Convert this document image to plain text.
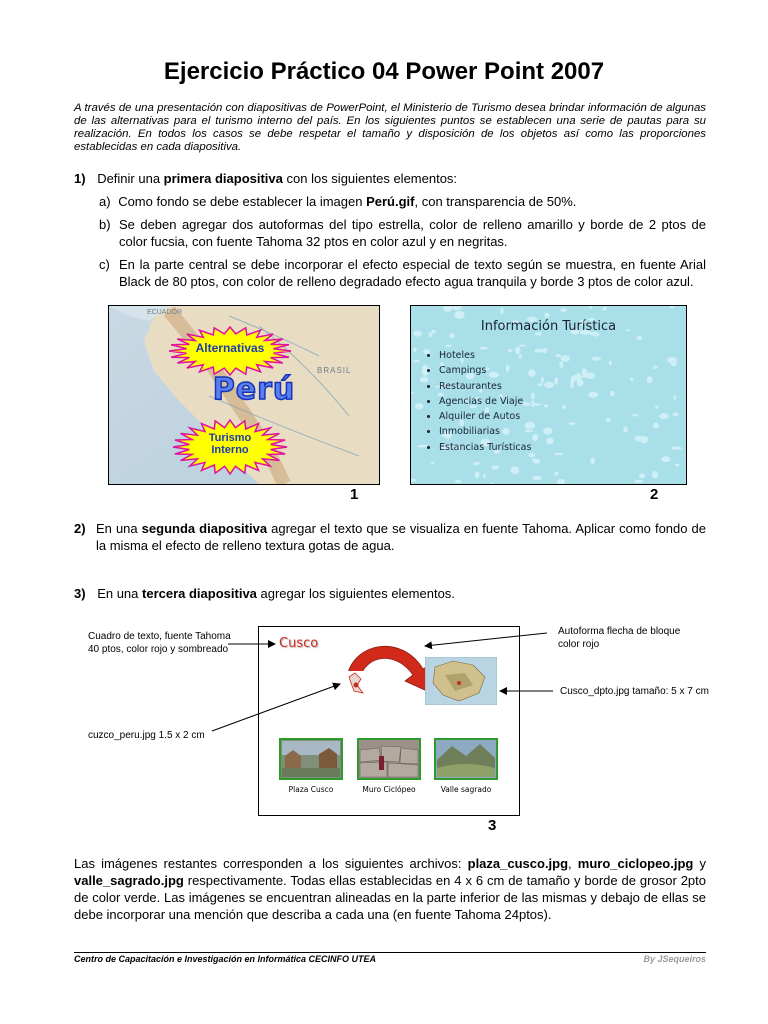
Ejercicio Práctico 04 Power Point 2007
A través de una presentación con diapositivas de PowerPoint, el Ministerio de Turismo desea brindar información de algunas de las alternativas para el turismo interno del país. En los siguientes puntos se establecen una serie de pautas para su realización. En todos los casos se debe respetar el tamaño y disposición de los objetos así como las proporciones establecidas en cada diapositiva.
1) Definir una primera diapositiva con los siguientes elementos:
a) Como fondo se debe establecer la imagen Perú.gif, con transparencia de 50%.
b) Se deben agregar dos autoformas del tipo estrella, color de relleno amarillo y borde de 2 ptos de color fucsia, con fuente Tahoma 32 ptos en color azul y en negritas.
c) En la parte central se debe incorporar el efecto especial de texto según se muestra, en fuente Arial Black de 80 ptos, con color de relleno degradado efecto agua tranquila y borde 3 ptos de color azul.
ECUADOR
BRASIL
Alternativas
Perú
Turismo
Interno
1
Información Turística
• Hoteles
• Campings
• Restaurantes
• Agencias de Viaje
• Alquiler de Autos
• Inmobiliarias
• Estancias Turísticas
2
2) En una segunda diapositiva agregar el texto que se visualiza en fuente Tahoma. Aplicar como fondo de la misma el efecto de relleno textura gotas de agua.
3) En una tercera diapositiva agregar los siguientes elementos.
Cusco
Plaza Cusco	Muro Ciclópeo	Valle sagrado
3
Cuadro de texto, fuente Tahoma 40 ptos, color rojo y sombreado
cuzco_peru.jpg 1.5 x 2 cm
Autoforma flecha de bloque color rojo
Cusco_dpto.jpg tamaño: 5 x 7 cm
Las imágenes restantes corresponden a los siguientes archivos: plaza_cusco.jpg, muro_ciclopeo.jpg y valle_sagrado.jpg respectivamente. Todas ellas establecidas en 4 x 6 cm de tamaño y borde de grosor 2pto de color verde. Las imágenes se encuentran alineadas en la parte inferior de las mismas y debajo de ellas se debe incorporar una mención que describa a cada una (en fuente Tahoma 24ptos).
Centro de Capacitación e Investigación en Informática CECINFO UTEA	By JSequeiros
